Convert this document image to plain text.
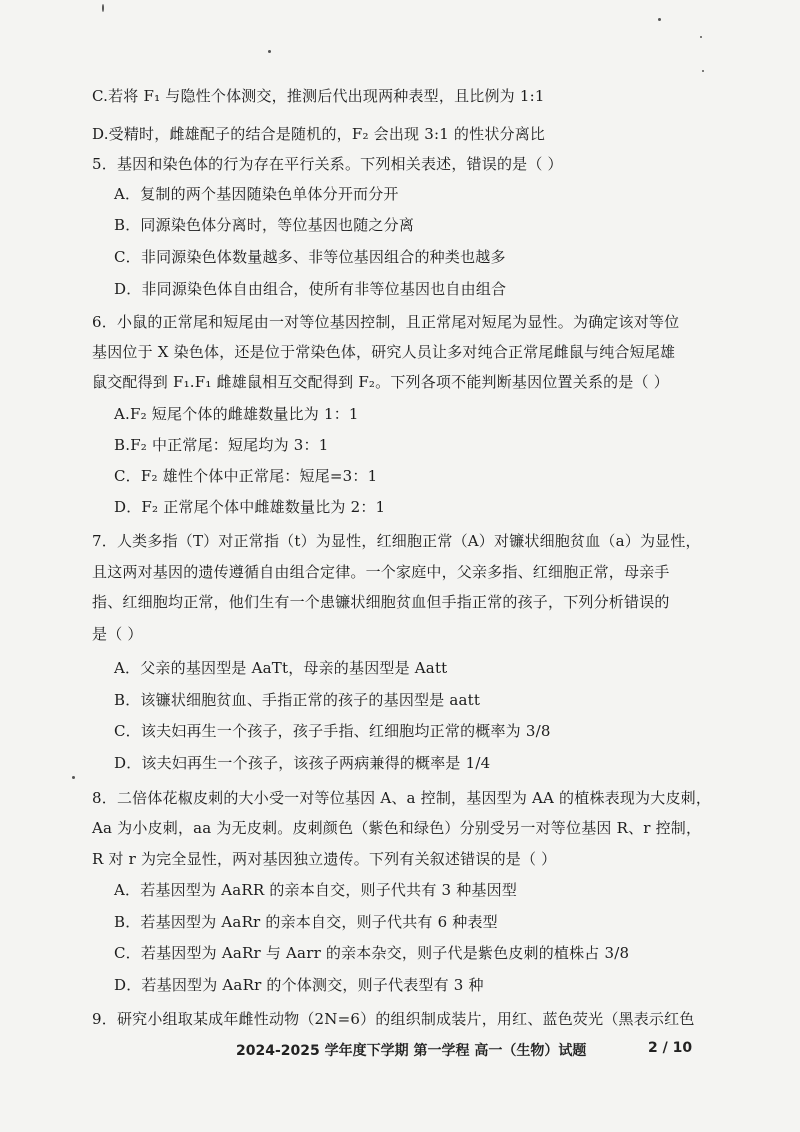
C.若将 F₁ 与隐性个体测交，推测后代出现两种表型，且比例为 1:1
D.受精时，雌雄配子的结合是随机的，F₂ 会出现 3:1 的性状分离比
5．基因和染色体的行为存在平行关系。下列相关表述，错误的是（ ）
A．复制的两个基因随染色单体分开而分开
B．同源染色体分离时，等位基因也随之分离
C．非同源染色体数量越多、非等位基因组合的种类也越多
D．非同源染色体自由组合，使所有非等位基因也自由组合
6．小鼠的正常尾和短尾由一对等位基因控制，且正常尾对短尾为显性。为确定该对等位
基因位于 X 染色体，还是位于常染色体，研究人员让多对纯合正常尾雌鼠与纯合短尾雄
鼠交配得到 F₁.F₁ 雌雄鼠相互交配得到 F₂。下列各项不能判断基因位置关系的是（ ）
A.F₂ 短尾个体的雌雄数量比为 1：1
B.F₂ 中正常尾：短尾均为 3：1
C．F₂ 雄性个体中正常尾：短尾=3：1
D．F₂ 正常尾个体中雌雄数量比为 2：1
7．人类多指（T）对正常指（t）为显性，红细胞正常（A）对镰状细胞贫血（a）为显性，
且这两对基因的遗传遵循自由组合定律。一个家庭中，父亲多指、红细胞正常，母亲手
指、红细胞均正常，他们生有一个患镰状细胞贫血但手指正常的孩子，下列分析错误的
是（ ）
A．父亲的基因型是 AaTt，母亲的基因型是 Aatt
B．该镰状细胞贫血、手指正常的孩子的基因型是 aatt
C．该夫妇再生一个孩子，孩子手指、红细胞均正常的概率为 3/8
D．该夫妇再生一个孩子，该孩子两病兼得的概率是 1/4
8．二倍体花椒皮刺的大小受一对等位基因 A、a 控制，基因型为 AA 的植株表现为大皮刺，
Aa 为小皮刺，aa 为无皮刺。皮刺颜色（紫色和绿色）分别受另一对等位基因 R、r 控制，
R 对 r 为完全显性，两对基因独立遗传。下列有关叙述错误的是（ ）
A．若基因型为 AaRR 的亲本自交，则子代共有 3 种基因型
B．若基因型为 AaRr 的亲本自交，则子代共有 6 种表型
C．若基因型为 AaRr 与 Aarr 的亲本杂交，则子代是紫色皮刺的植株占 3/8
D．若基因型为 AaRr 的个体测交，则子代表型有 3 种
9．研究小组取某成年雌性动物（2N=6）的组织制成装片，用红、蓝色荧光（黑表示红色
2024-2025 学年度下学期 第一学程 高一（生物）试题	2 / 10
